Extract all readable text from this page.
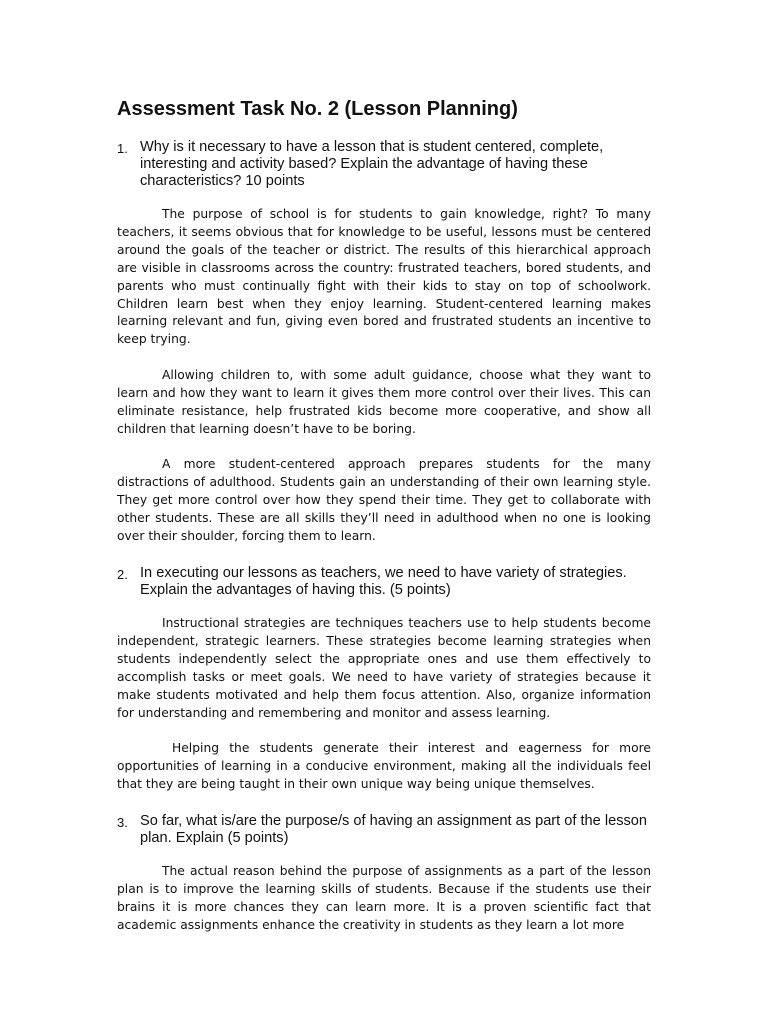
Assessment Task No. 2 (Lesson Planning)
1. Why is it necessary to have a lesson that is student centered, complete, interesting and activity based? Explain the advantage of having these characteristics? 10 points

The purpose of school is for students to gain knowledge, right? To many teachers, it seems obvious that for knowledge to be useful, lessons must be centered around the goals of the teacher or district. The results of this hierarchical approach are visible in classrooms across the country: frustrated teachers, bored students, and parents who must continually fight with their kids to stay on top of schoolwork. Children learn best when they enjoy learning. Student-centered learning makes learning relevant and fun, giving even bored and frustrated students an incentive to keep trying.

Allowing children to, with some adult guidance, choose what they want to learn and how they want to learn it gives them more control over their lives. This can eliminate resistance, help frustrated kids become more cooperative, and show all children that learning doesn’t have to be boring.

A more student-centered approach prepares students for the many distractions of adulthood. Students gain an understanding of their own learning style. They get more control over how they spend their time. They get to collaborate with other students. These are all skills they’ll need in adulthood when no one is looking over their shoulder, forcing them to learn.

2. In executing our lessons as teachers, we need to have variety of strategies. Explain the advantages of having this. (5 points)

Instructional strategies are techniques teachers use to help students become independent, strategic learners. These strategies become learning strategies when students independently select the appropriate ones and use them effectively to accomplish tasks or meet goals. We need to have variety of strategies because it make students motivated and help them focus attention. Also, organize information for understanding and remembering and monitor and assess learning.

Helping the students generate their interest and eagerness for more opportunities of learning in a conducive environment, making all the individuals feel that they are being taught in their own unique way being unique themselves.

3. So far, what is/are the purpose/s of having an assignment as part of the lesson plan. Explain (5 points)

The actual reason behind the purpose of assignments as a part of the lesson plan is to improve the learning skills of students. Because if the students use their brains it is more chances they can learn more. It is a proven scientific fact that academic assignments enhance the creativity in students as they learn a lot more
